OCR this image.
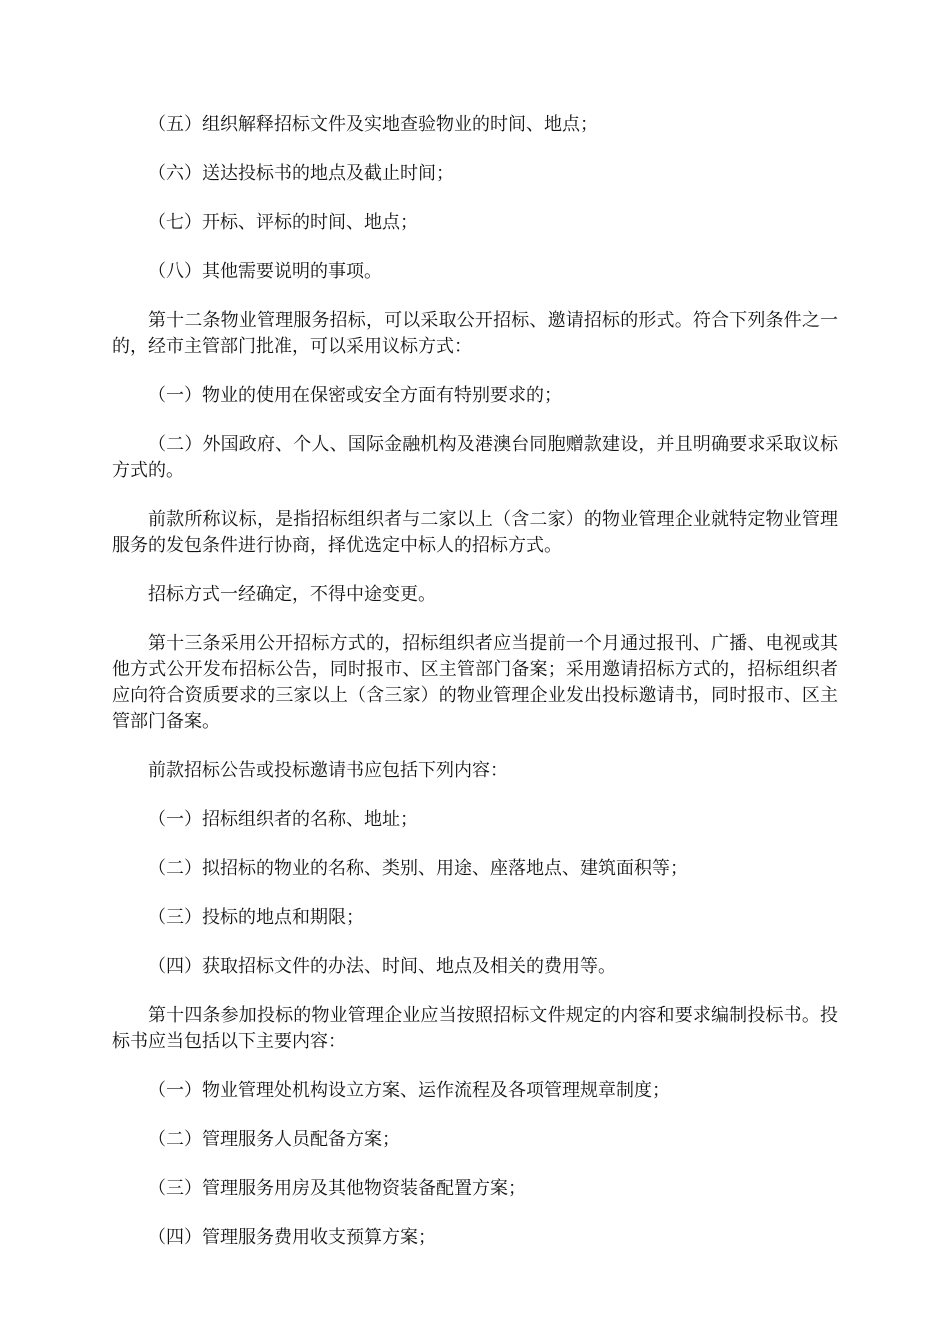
（五）组织解释招标文件及实地查验物业的时间、地点；

（六）送达投标书的地点及截止时间；

（七）开标、评标的时间、地点；

（八）其他需要说明的事项。

第十二条物业管理服务招标，可以采取公开招标、邀请招标的形式。符合下列条件之一的，经市主管部门批准，可以采用议标方式：

（一）物业的使用在保密或安全方面有特别要求的；

（二）外国政府、个人、国际金融机构及港澳台同胞赠款建设，并且明确要求采取议标方式的。

前款所称议标，是指招标组织者与二家以上（含二家）的物业管理企业就特定物业管理服务的发包条件进行协商，择优选定中标人的招标方式。

招标方式一经确定，不得中途变更。

第十三条采用公开招标方式的，招标组织者应当提前一个月通过报刊、广播、电视或其他方式公开发布招标公告，同时报市、区主管部门备案；采用邀请招标方式的，招标组织者应向符合资质要求的三家以上（含三家）的物业管理企业发出投标邀请书，同时报市、区主管部门备案。

前款招标公告或投标邀请书应包括下列内容：

（一）招标组织者的名称、地址；

（二）拟招标的物业的名称、类别、用途、座落地点、建筑面积等；

（三）投标的地点和期限；

（四）获取招标文件的办法、时间、地点及相关的费用等。

第十四条参加投标的物业管理企业应当按照招标文件规定的内容和要求编制投标书。投标书应当包括以下主要内容：

（一）物业管理处机构设立方案、运作流程及各项管理规章制度；

（二）管理服务人员配备方案；

（三）管理服务用房及其他物资装备配置方案；

（四）管理服务费用收支预算方案；
